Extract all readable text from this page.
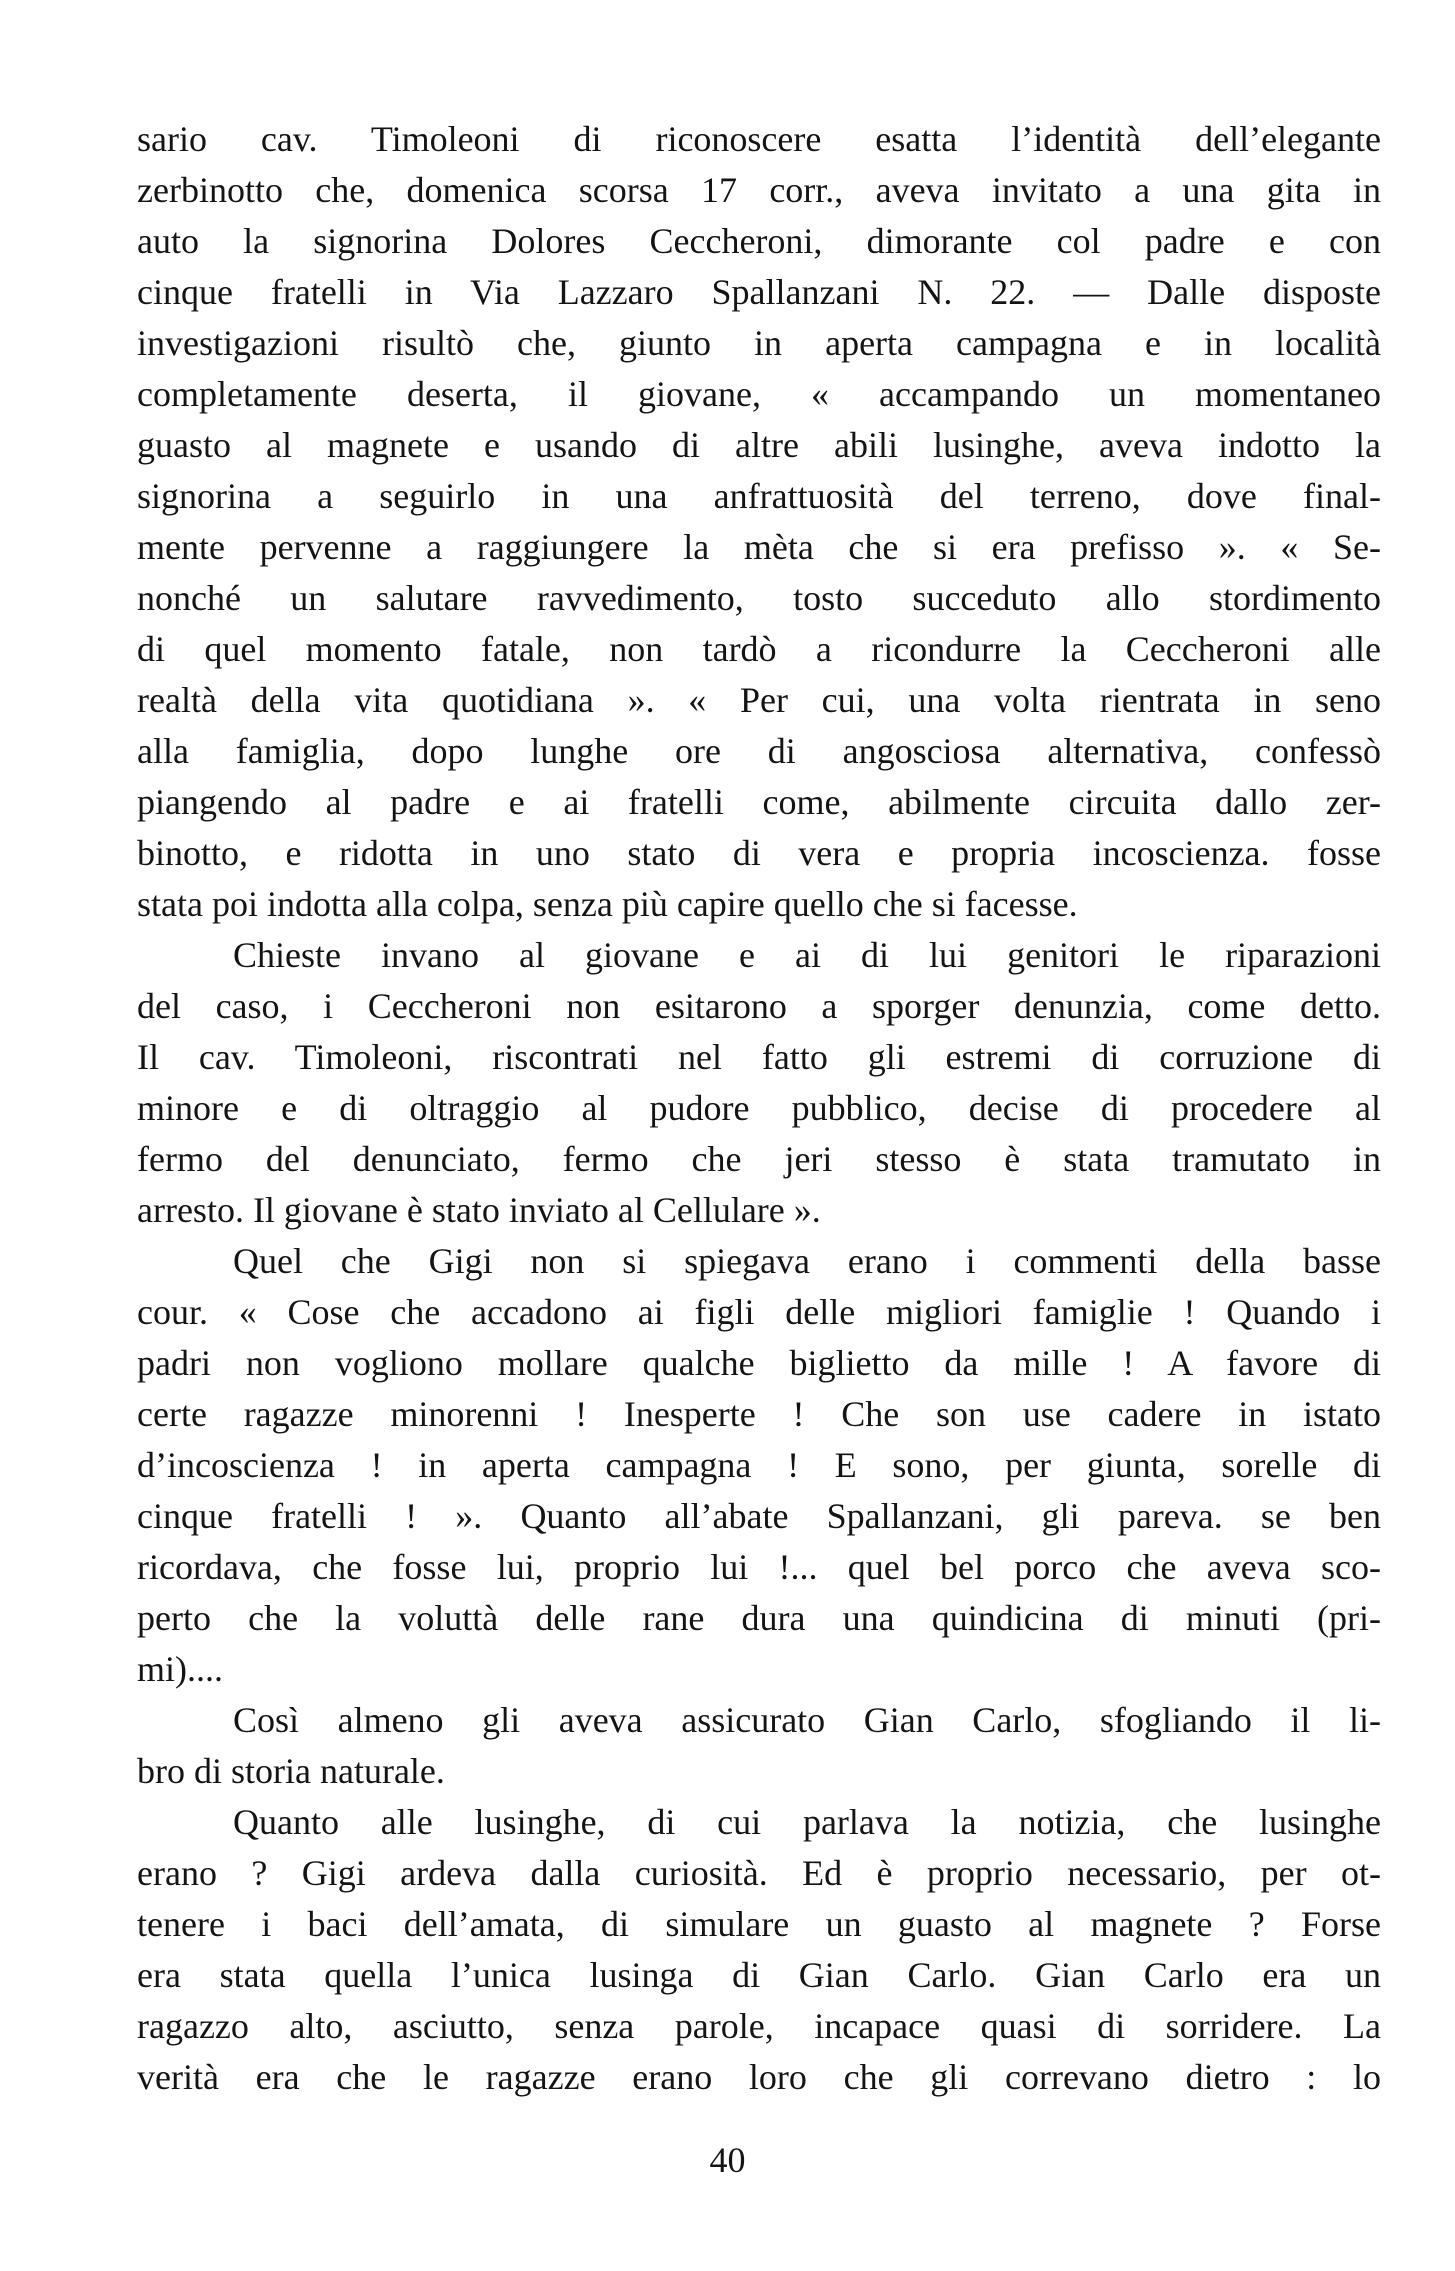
sario cav. Timoleoni di riconoscere esatta l’identità dell’elegante
zerbinotto che, domenica scorsa 17 corr., aveva invitato a una gita in
auto la signorina Dolores Ceccheroni, dimorante col padre e con
cinque fratelli in Via Lazzaro Spallanzani N. 22. — Dalle disposte
investigazioni risultò che, giunto in aperta campagna e in località
completamente deserta, il giovane, « accampando un momentaneo
guasto al magnete e usando di altre abili lusinghe, aveva indotto la
signorina a seguirlo in una anfrattuosità del terreno, dove final-
mente pervenne a raggiungere la mèta che si era prefisso ». « Se-
nonché un salutare ravvedimento, tosto succeduto allo stordimento
di quel momento fatale, non tardò a ricondurre la Ceccheroni alle
realtà della vita quotidiana ». « Per cui, una volta rientrata in seno
alla famiglia, dopo lunghe ore di angosciosa alternativa, confessò
piangendo al padre e ai fratelli come, abilmente circuita dallo zer-
binotto, e ridotta in uno stato di vera e propria incoscienza. fosse
stata poi indotta alla colpa, senza più capire quello che si facesse.
Chieste invano al giovane e ai di lui genitori le riparazioni
del caso, i Ceccheroni non esitarono a sporger denunzia, come detto.
Il cav. Timoleoni, riscontrati nel fatto gli estremi di corruzione di
minore e di oltraggio al pudore pubblico, decise di procedere al
fermo del denunciato, fermo che jeri stesso è stata tramutato in
arresto. Il giovane è stato inviato al Cellulare ».
Quel che Gigi non si spiegava erano i commenti della basse
cour. « Cose che accadono ai figli delle migliori famiglie ! Quando i
padri non vogliono mollare qualche biglietto da mille ! A favore di
certe ragazze minorenni ! Inesperte ! Che son use cadere in istato
d’incoscienza ! in aperta campagna ! E sono, per giunta, sorelle di
cinque fratelli ! ». Quanto all’abate Spallanzani, gli pareva. se ben
ricordava, che fosse lui, proprio lui !... quel bel porco che aveva sco-
perto che la voluttà delle rane dura una quindicina di minuti (pri-
mi)....
Così almeno gli aveva assicurato Gian Carlo, sfogliando il li-
bro di storia naturale.
Quanto alle lusinghe, di cui parlava la notizia, che lusinghe
erano ? Gigi ardeva dalla curiosità. Ed è proprio necessario, per ot-
tenere i baci dell’amata, di simulare un guasto al magnete ? Forse
era stata quella l’unica lusinga di Gian Carlo. Gian Carlo era un
ragazzo alto, asciutto, senza parole, incapace quasi di sorridere. La
verità era che le ragazze erano loro che gli correvano dietro : lo
40
